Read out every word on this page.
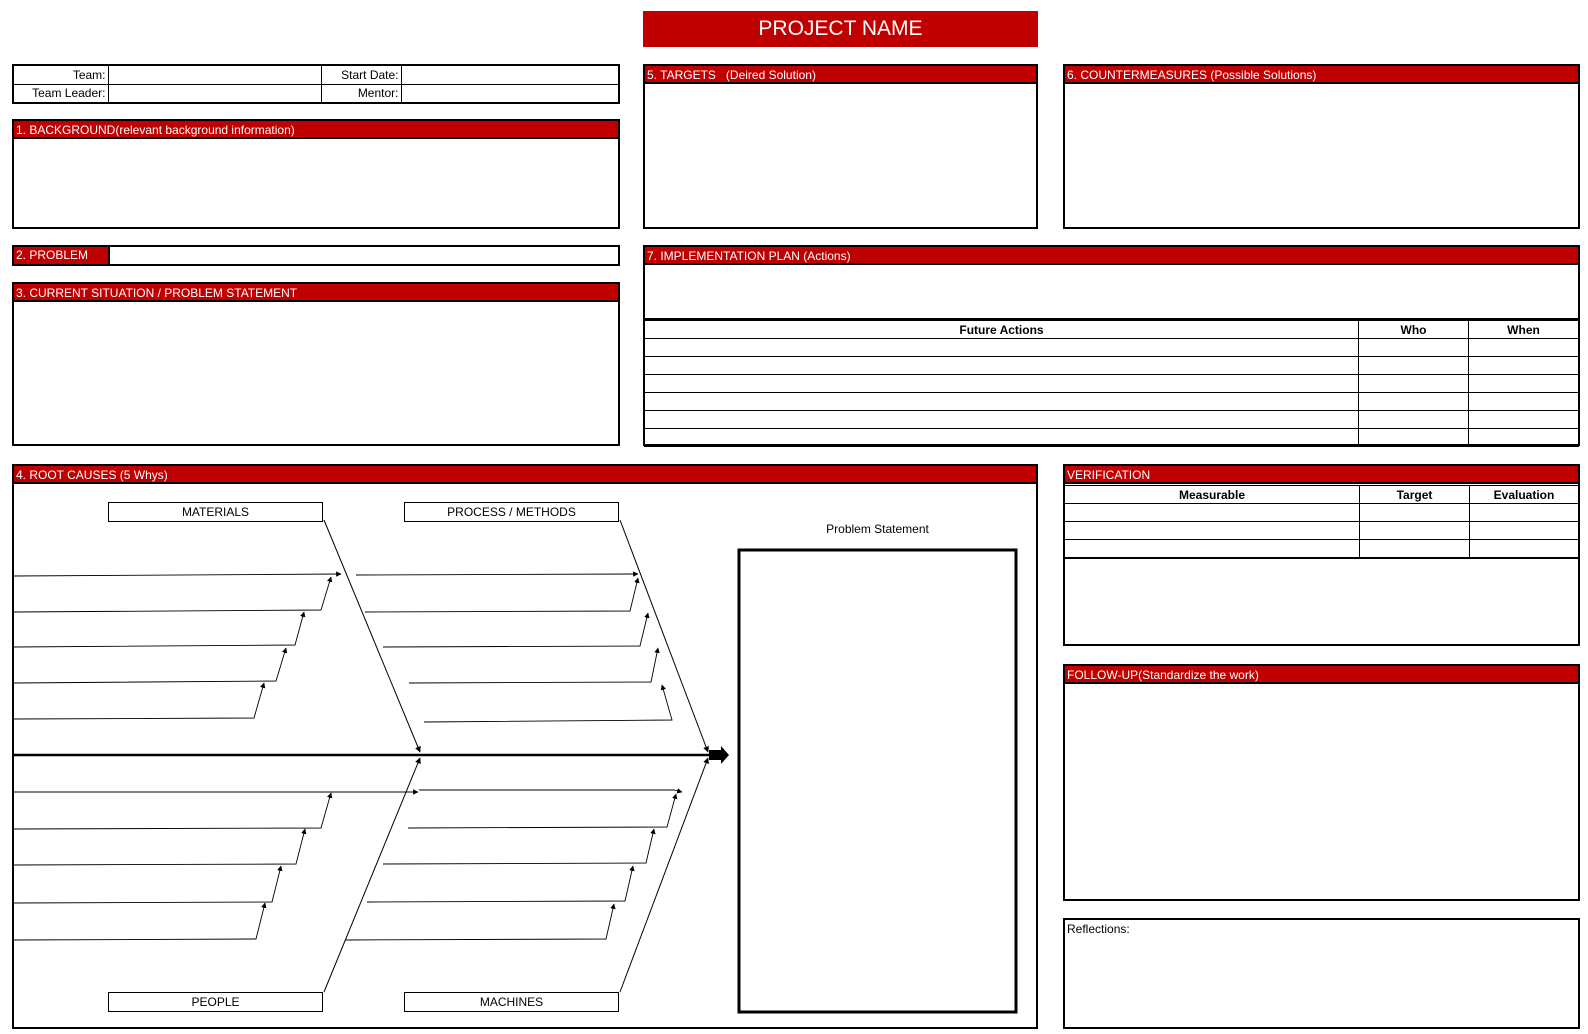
PROJECT NAME
Team:		Start Date:	
Team Leader:		Mentor:	
1. BACKGROUND(relevant background information)
2. PROBLEM
3. CURRENT SITUATION / PROBLEM STATEMENT
5. TARGETS   (Deired Solution)	6. COUNTERMEASURES (Possible Solutions)
7. IMPLEMENTATION PLAN (Actions)
Future Actions	Who	When

VERIFICATION
Measurable	Target	Evaluation

FOLLOW-UP(Standardize the work)
Reflections:
4. ROOT CAUSES (5 Whys)
MATERIALS	PROCESS / METHODS
PEOPLE	MACHINES
Problem Statement
